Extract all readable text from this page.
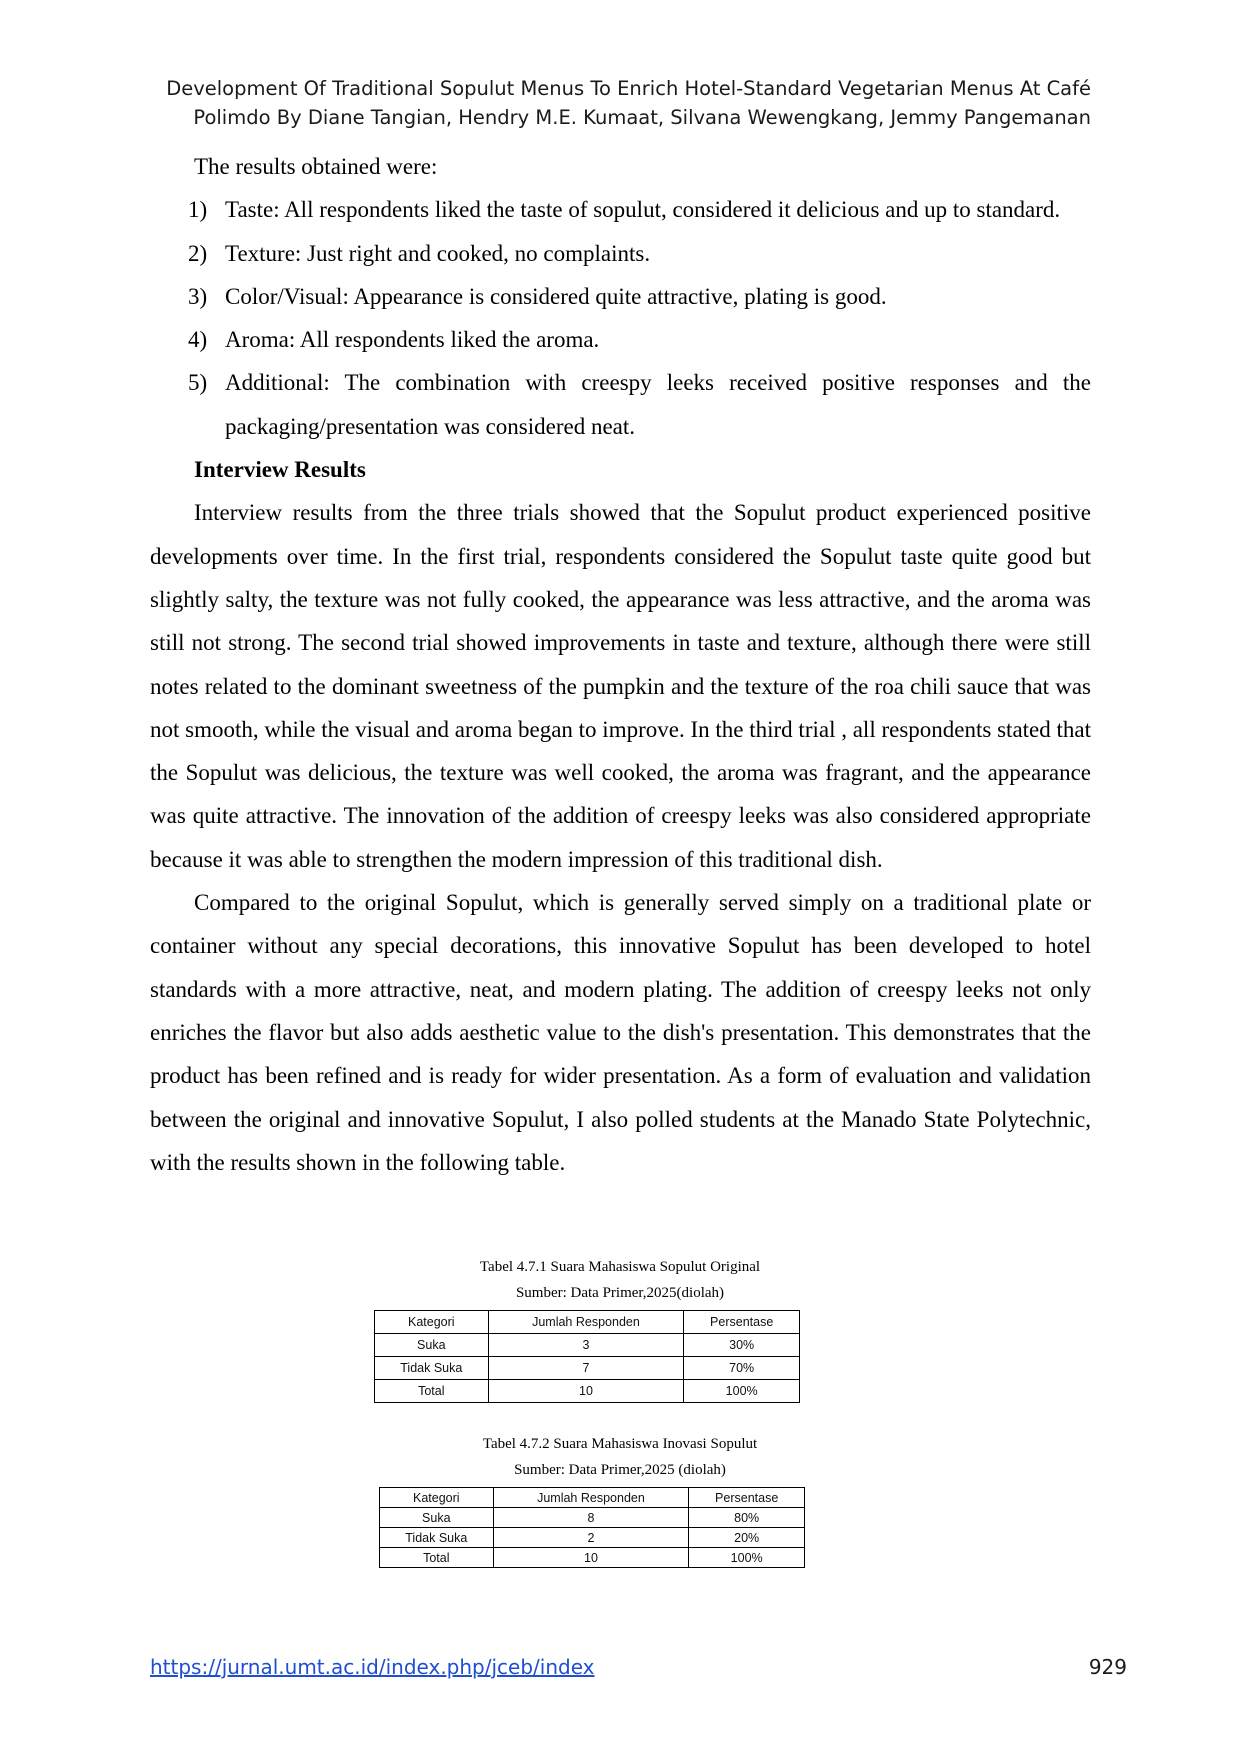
Development Of Traditional Sopulut Menus To Enrich Hotel-Standard Vegetarian Menus At Café
Polimdo By Diane Tangian, Hendry M.E. Kumaat, Silvana Wewengkang, Jemmy Pangemanan

The results obtained were:

1) Taste: All respondents liked the taste of sopulut, considered it delicious and up to standard.
2) Texture: Just right and cooked, no complaints.
3) Color/Visual: Appearance is considered quite attractive, plating is good.
4) Aroma: All respondents liked the aroma.
5) Additional: The combination with creespy leeks received positive responses and the packaging/presentation was considered neat.

Interview Results

Interview results from the three trials showed that the Sopulut product experienced positive developments over time. In the first trial, respondents considered the Sopulut taste quite good but slightly salty, the texture was not fully cooked, the appearance was less attractive, and the aroma was still not strong. The second trial showed improvements in taste and texture, although there were still notes related to the dominant sweetness of the pumpkin and the texture of the roa chili sauce that was not smooth, while the visual and aroma began to improve. In the third trial , all respondents stated that the Sopulut was delicious, the texture was well cooked, the aroma was fragrant, and the appearance was quite attractive. The innovation of the addition of creespy leeks was also considered appropriate because it was able to strengthen the modern impression of this traditional dish.

Compared to the original Sopulut, which is generally served simply on a traditional plate or container without any special decorations, this innovative Sopulut has been developed to hotel standards with a more attractive, neat, and modern plating. The addition of creespy leeks not only enriches the flavor but also adds aesthetic value to the dish's presentation. This demonstrates that the product has been refined and is ready for wider presentation. As a form of evaluation and validation between the original and innovative Sopulut, I also polled students at the Manado State Polytechnic, with the results shown in the following table.

Tabel 4.7.1 Suara Mahasiswa Sopulut Original
Sumber: Data Primer,2025(diolah)
Kategori	Jumlah Responden	Persentase
Suka	3	30%
Tidak Suka	7	70%
Total	10	100%
Tabel 4.7.2 Suara Mahasiswa Inovasi Sopulut
Sumber: Data Primer,2025 (diolah)
Kategori	Jumlah Responden	Persentase
Suka	8	80%
Tidak Suka	2	20%
Total	10	100%
https://jurnal.umt.ac.id/index.php/jceb/index	929
